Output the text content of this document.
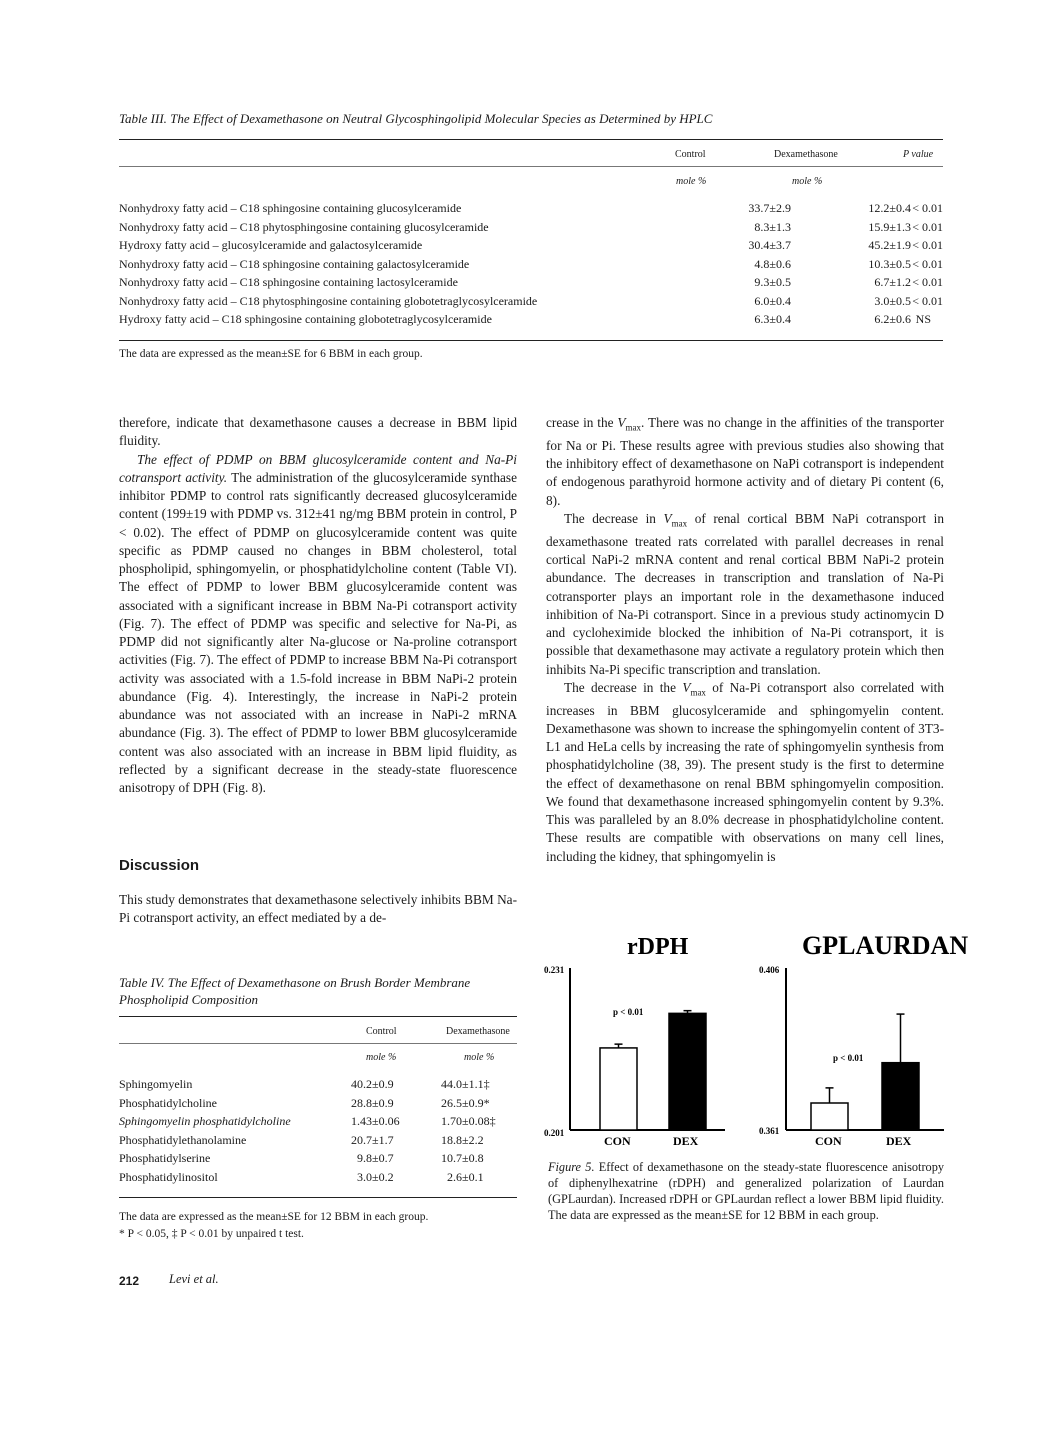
Table III. The Effect of Dexamethasone on Neutral Glycosphingolipid Molecular Species as Determined by HPLC
Control	Dexamethasone	P value
mole %	mole %
Nonhydroxy fatty acid – C18 sphingosine containing glucosylceramide	33.7±2.9	12.2±0.4	< 0.01
Nonhydroxy fatty acid – C18 phytosphingosine containing glucosylceramide	8.3±1.3	15.9±1.3	< 0.01
Hydroxy fatty acid – glucosylceramide and galactosylceramide	30.4±3.7	45.2±1.9	< 0.01
Nonhydroxy fatty acid – C18 sphingosine containing galactosylceramide	4.8±0.6	10.3±0.5	< 0.01
Nonhydroxy fatty acid – C18 sphingosine containing lactosylceramide	9.3±0.5	6.7±1.2	< 0.01
Nonhydroxy fatty acid – C18 phytosphingosine containing globotetraglycosylceramide	6.0±0.4	3.0±0.5	< 0.01
Hydroxy fatty acid – C18 sphingosine containing globotetraglycosylceramide	6.3±0.4	6.2±0.6	NS
The data are expressed as the mean±SE for 6 BBM in each group.

therefore, indicate that dexamethasone causes a decrease in BBM lipid fluidity.

The effect of PDMP on BBM glucosylceramide content and Na-Pi cotransport activity. The administration of the glucosylceramide synthase inhibitor PDMP to control rats significantly decreased glucosylceramide content (199±19 with PDMP vs. 312±41 ng/mg BBM protein in control, P < 0.02). The effect of PDMP on glucosylceramide content was quite specific as PDMP caused no changes in BBM cholesterol, total phospholipid, sphingomyelin, or phosphatidylcholine content (Table VI). The effect of PDMP to lower BBM glucosylceramide content was associated with a significant increase in BBM Na-Pi cotransport activity (Fig. 7). The effect of PDMP was specific and selective for Na-Pi, as PDMP did not significantly alter Na-glucose or Na-proline cotransport activities (Fig. 7). The effect of PDMP to increase BBM Na-Pi cotransport activity was associated with a 1.5-fold increase in BBM NaPi-2 protein abundance (Fig. 4). Interestingly, the increase in NaPi-2 protein abundance was not associated with an increase in NaPi-2 mRNA abundance (Fig. 3). The effect of PDMP to lower BBM glucosylceramide content was also associated with an increase in BBM lipid fluidity, as reflected by a significant decrease in the steady-state fluorescence anisotropy of DPH (Fig. 8).

Discussion

This study demonstrates that dexamethasone selectively inhibits BBM Na-Pi cotransport activity, an effect mediated by a de-

crease in the $V_{max}$. There was no change in the affinities of the transporter for Na or Pi. These results agree with previous studies also showing that the inhibitory effect of dexamethasone on NaPi cotransport is independent of endogenous parathyroid hormone activity and of dietary Pi content (6, 8).

The decrease in $V_{max}$ of renal cortical BBM NaPi cotransport in dexamethasone treated rats correlated with parallel decreases in renal cortical NaPi-2 mRNA content and renal cortical BBM NaPi-2 protein abundance. The decreases in transcription and translation of Na-Pi cotransporter plays an important role in the dexamethasone induced inhibition of Na-Pi cotransport. Since in a previous study actinomycin D and cycloheximide blocked the inhibition of Na-Pi cotransport, it is possible that dexamethasone may activate a regulatory protein which then inhibits Na-Pi specific transcription and translation.

The decrease in the $V_{max}$ of Na-Pi cotransport also correlated with increases in BBM glucosylceramide and sphingomyelin content. Dexamethasone was shown to increase the sphingomyelin content of 3T3-L1 and HeLa cells by increasing the rate of sphingomyelin synthesis from phosphatidylcholine (38, 39). The present study is the first to determine the effect of dexamethasone on renal BBM sphingomyelin composition. We found that dexamethasone increased sphingomyelin content by 9.3%. This was paralleled by an 8.0% decrease in phosphatidylcholine content. These results are compatible with observations on many cell lines, including the kidney, that sphingomyelin is

Table IV. The Effect of Dexamethasone on Brush Border Membrane Phospholipid Composition
Control	Dexamethasone
mole %	mole %
Sphingomyelin	40.2±0.9	44.0±1.1‡
Phosphatidylcholine	28.8±0.9	26.5±0.9*
Sphingomyelin phosphatidylcholine	1.43±0.06	1.70±0.08‡
Phosphatidylethanolamine	20.7±1.7	18.8±2.2
Phosphatidylserine	9.8±0.7	10.7±0.8
Phosphatidylinositol	3.0±0.2	2.6±0.1
The data are expressed as the mean±SE for 12 BBM in each group.
* P < 0.05, ‡ P < 0.01 by unpaired t test.
rDPH
0.231
0.201
p < 0.01
CON	DEX
GPLAURDAN
0.406
0.361
p < 0.01
CON	DEX
Figure 5. Effect of dexamethasone on the steady-state fluorescence anisotropy of diphenylhexatrine (rDPH) and generalized polarization of Laurdan (GPLaurdan). Increased rDPH or GPLaurdan reflect a lower BBM lipid fluidity. The data are expressed as the mean±SE for 12 BBM in each group.
212 Levi et al.
